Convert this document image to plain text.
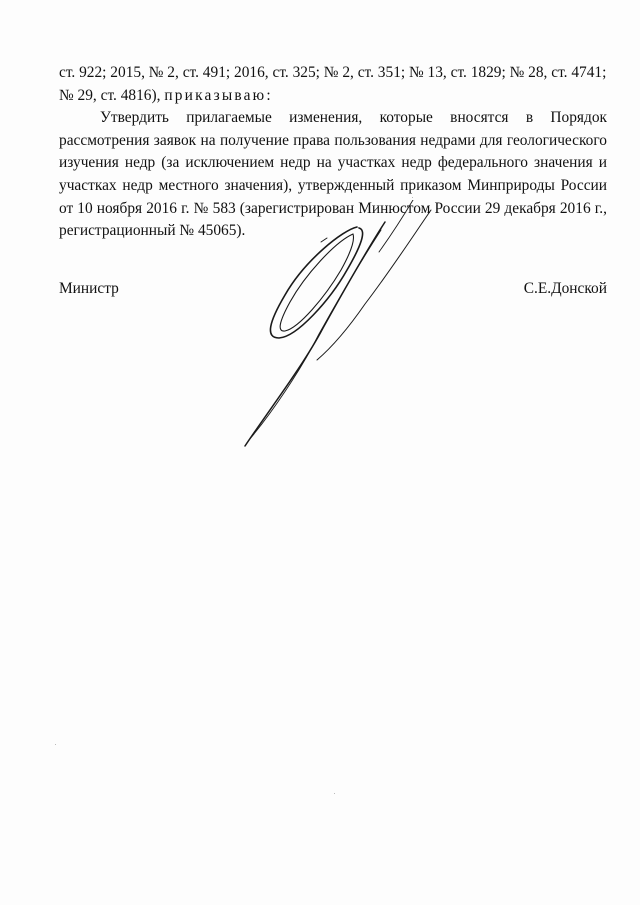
ст. 922; 2015, № 2, ст. 491; 2016, ст. 325; № 2, ст. 351; № 13, ст. 1829; № 28, ст. 4741;

№ 29, ст. 4816), приказываю:

Утвердить прилагаемые изменения, которые вносятся в Порядок рассмотрения заявок на получение права пользования недрами для геологического изучения недр (за исключением недр на участках недр федерального значения и участках недр местного значения), утвержденный приказом Минприроды России от 10 ноября 2016 г. № 583 (зарегистрирован Минюстом России 29 декабря 2016 г., регистрационный № 45065).

Министр	С.Е.Донской
